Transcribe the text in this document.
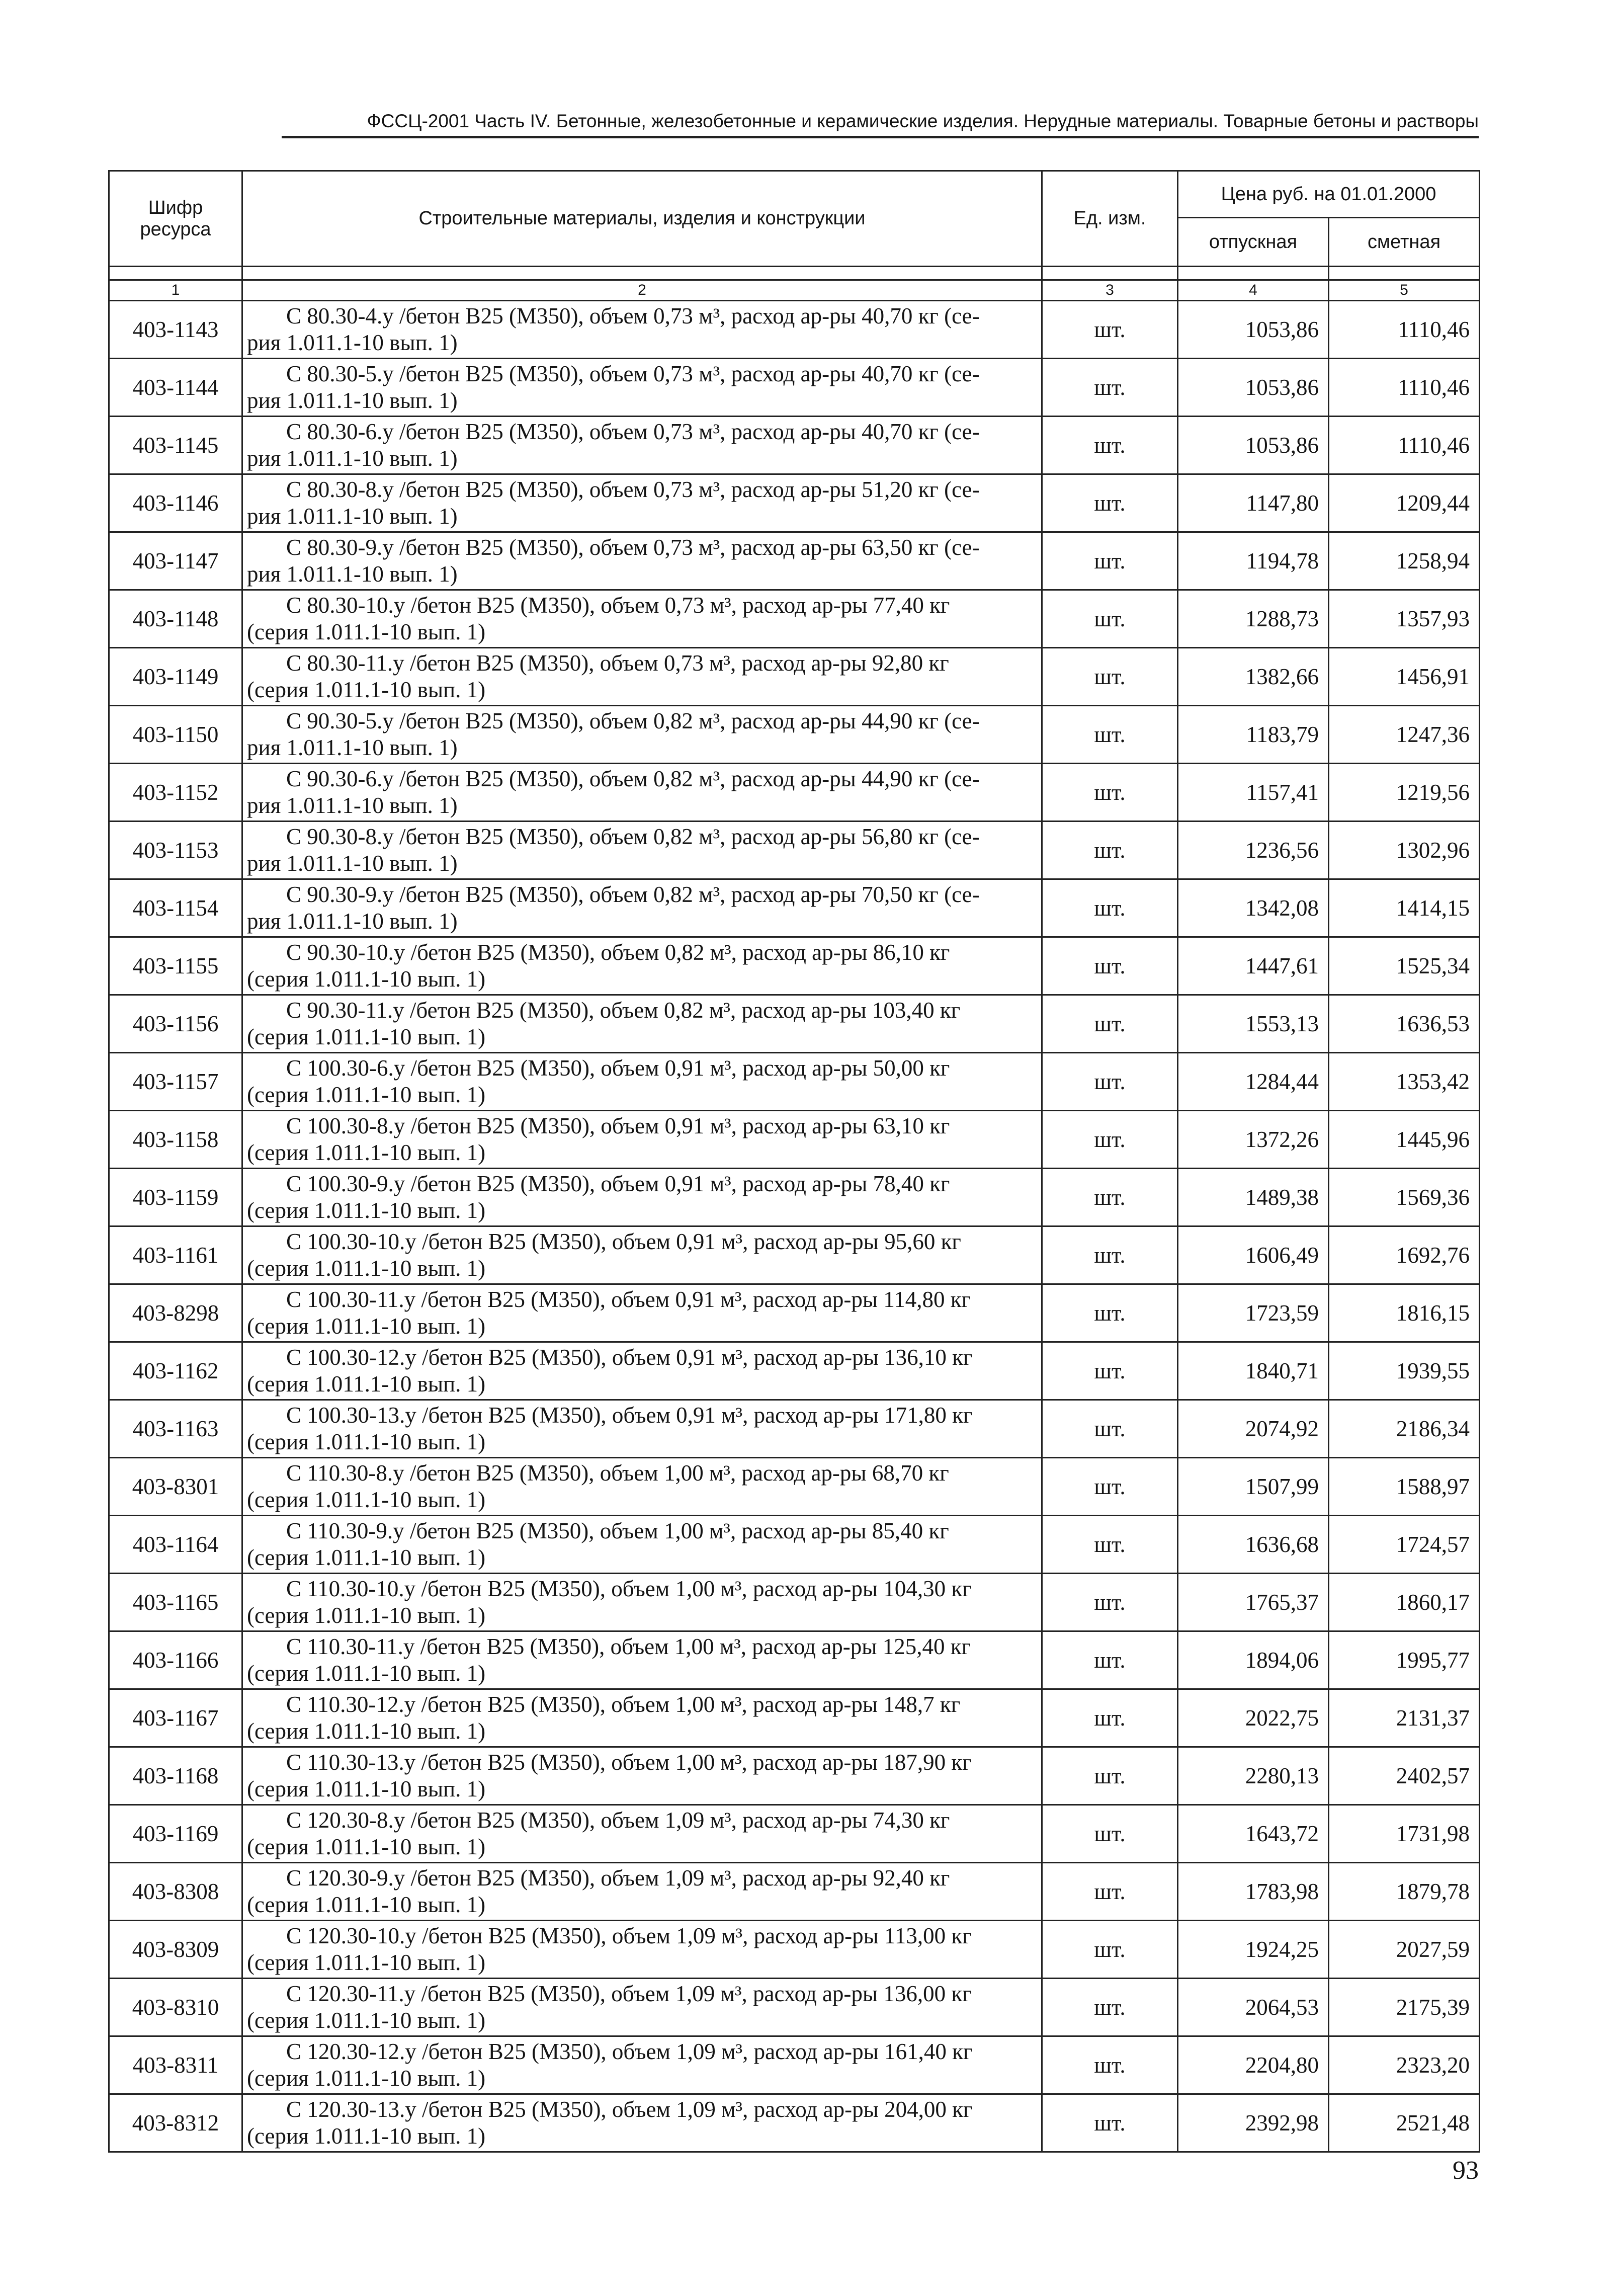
ФССЦ-2001 Часть IV. Бетонные, железобетонные и керамические изделия. Нерудные материалы. Товарные бетоны и растворы
Шифр ресурса	Строительные материалы, изделия и конструкции	Ед. изм.	Цена руб. на 01.01.2000	
			отпускная	сметная

1	2	3	4	5
403-1143	С 80.30-4.у /бетон В25 (М350), объем 0,73 м³, расход ар-ры 40,70 кг (се-
рия 1.011.1-10 вып. 1)	шт.	1053,86	1110,46
403-1144	С 80.30-5.у /бетон В25 (М350), объем 0,73 м³, расход ар-ры 40,70 кг (се-
рия 1.011.1-10 вып. 1)	шт.	1053,86	1110,46
403-1145	С 80.30-6.у /бетон В25 (М350), объем 0,73 м³, расход ар-ры 40,70 кг (се-
рия 1.011.1-10 вып. 1)	шт.	1053,86	1110,46
403-1146	С 80.30-8.у /бетон В25 (М350), объем 0,73 м³, расход ар-ры 51,20 кг (се-
рия 1.011.1-10 вып. 1)	шт.	1147,80	1209,44
403-1147	С 80.30-9.у /бетон В25 (М350), объем 0,73 м³, расход ар-ры 63,50 кг (се-
рия 1.011.1-10 вып. 1)	шт.	1194,78	1258,94
403-1148	С 80.30-10.у /бетон В25 (М350), объем 0,73 м³, расход ар-ры 77,40 кг
(серия 1.011.1-10 вып. 1)	шт.	1288,73	1357,93
403-1149	С 80.30-11.у /бетон В25 (М350), объем 0,73 м³, расход ар-ры 92,80 кг
(серия 1.011.1-10 вып. 1)	шт.	1382,66	1456,91
403-1150	С 90.30-5.у /бетон В25 (М350), объем 0,82 м³, расход ар-ры 44,90 кг (се-
рия 1.011.1-10 вып. 1)	шт.	1183,79	1247,36
403-1152	С 90.30-6.у /бетон В25 (М350), объем 0,82 м³, расход ар-ры 44,90 кг (се-
рия 1.011.1-10 вып. 1)	шт.	1157,41	1219,56
403-1153	С 90.30-8.у /бетон В25 (М350), объем 0,82 м³, расход ар-ры 56,80 кг (се-
рия 1.011.1-10 вып. 1)	шт.	1236,56	1302,96
403-1154	С 90.30-9.у /бетон В25 (М350), объем 0,82 м³, расход ар-ры 70,50 кг (се-
рия 1.011.1-10 вып. 1)	шт.	1342,08	1414,15
403-1155	С 90.30-10.у /бетон В25 (М350), объем 0,82 м³, расход ар-ры 86,10 кг
(серия 1.011.1-10 вып. 1)	шт.	1447,61	1525,34
403-1156	С 90.30-11.у /бетон В25 (М350), объем 0,82 м³, расход ар-ры 103,40 кг
(серия 1.011.1-10 вып. 1)	шт.	1553,13	1636,53
403-1157	С 100.30-6.у /бетон В25 (М350), объем 0,91 м³, расход ар-ры 50,00 кг
(серия 1.011.1-10 вып. 1)	шт.	1284,44	1353,42
403-1158	С 100.30-8.у /бетон В25 (М350), объем 0,91 м³, расход ар-ры 63,10 кг
(серия 1.011.1-10 вып. 1)	шт.	1372,26	1445,96
403-1159	С 100.30-9.у /бетон В25 (М350), объем 0,91 м³, расход ар-ры 78,40 кг
(серия 1.011.1-10 вып. 1)	шт.	1489,38	1569,36
403-1161	С 100.30-10.у /бетон В25 (М350), объем 0,91 м³, расход ар-ры 95,60 кг
(серия 1.011.1-10 вып. 1)	шт.	1606,49	1692,76
403-8298	С 100.30-11.у /бетон В25 (М350), объем 0,91 м³, расход ар-ры 114,80 кг
(серия 1.011.1-10 вып. 1)	шт.	1723,59	1816,15
403-1162	С 100.30-12.у /бетон В25 (М350), объем 0,91 м³, расход ар-ры 136,10 кг
(серия 1.011.1-10 вып. 1)	шт.	1840,71	1939,55
403-1163	С 100.30-13.у /бетон В25 (М350), объем 0,91 м³, расход ар-ры 171,80 кг
(серия 1.011.1-10 вып. 1)	шт.	2074,92	2186,34
403-8301	С 110.30-8.у /бетон В25 (М350), объем 1,00 м³, расход ар-ры 68,70 кг
(серия 1.011.1-10 вып. 1)	шт.	1507,99	1588,97
403-1164	С 110.30-9.у /бетон В25 (М350), объем 1,00 м³, расход ар-ры 85,40 кг
(серия 1.011.1-10 вып. 1)	шт.	1636,68	1724,57
403-1165	С 110.30-10.у /бетон В25 (М350), объем 1,00 м³, расход ар-ры 104,30 кг
(серия 1.011.1-10 вып. 1)	шт.	1765,37	1860,17
403-1166	С 110.30-11.у /бетон В25 (М350), объем 1,00 м³, расход ар-ры 125,40 кг
(серия 1.011.1-10 вып. 1)	шт.	1894,06	1995,77
403-1167	С 110.30-12.у /бетон В25 (М350), объем 1,00 м³, расход ар-ры 148,7 кг
(серия 1.011.1-10 вып. 1)	шт.	2022,75	2131,37
403-1168	С 110.30-13.у /бетон В25 (М350), объем 1,00 м³, расход ар-ры 187,90 кг
(серия 1.011.1-10 вып. 1)	шт.	2280,13	2402,57
403-1169	С 120.30-8.у /бетон В25 (М350), объем 1,09 м³, расход ар-ры 74,30 кг
(серия 1.011.1-10 вып. 1)	шт.	1643,72	1731,98
403-8308	С 120.30-9.у /бетон В25 (М350), объем 1,09 м³, расход ар-ры 92,40 кг
(серия 1.011.1-10 вып. 1)	шт.	1783,98	1879,78
403-8309	С 120.30-10.у /бетон В25 (М350), объем 1,09 м³, расход ар-ры 113,00 кг
(серия 1.011.1-10 вып. 1)	шт.	1924,25	2027,59
403-8310	С 120.30-11.у /бетон В25 (М350), объем 1,09 м³, расход ар-ры 136,00 кг
(серия 1.011.1-10 вып. 1)	шт.	2064,53	2175,39
403-8311	С 120.30-12.у /бетон В25 (М350), объем 1,09 м³, расход ар-ры 161,40 кг
(серия 1.011.1-10 вып. 1)	шт.	2204,80	2323,20
403-8312	С 120.30-13.у /бетон В25 (М350), объем 1,09 м³, расход ар-ры 204,00 кг
(серия 1.011.1-10 вып. 1)	шт.	2392,98	2521,48
93
